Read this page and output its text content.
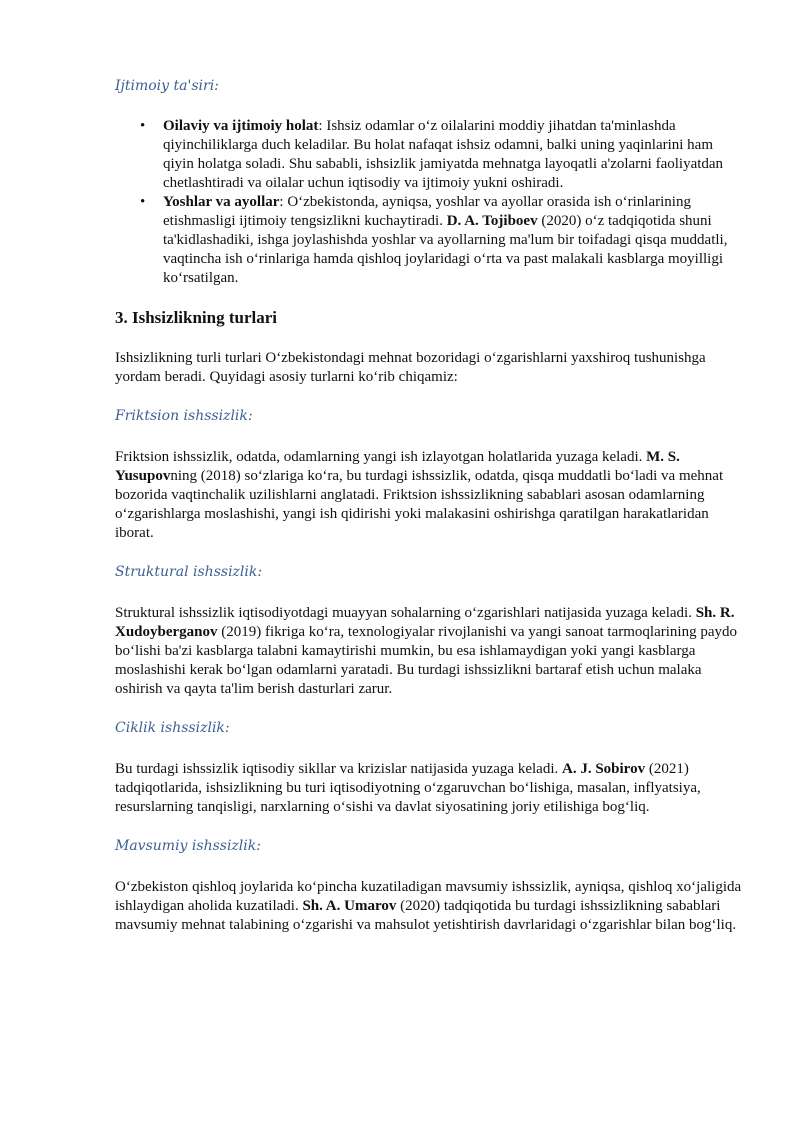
Ijtimoiy ta'siri:

• Oilaviy va ijtimoiy holat: Ishsiz odamlar o‘z oilalarini moddiy jihatdan ta'minlashda qiyinchiliklarga duch keladilar. Bu holat nafaqat ishsiz odamni, balki uning yaqinlarini ham qiyin holatga soladi. Shu sababli, ishsizlik jamiyatda mehnatga layoqatli a'zolarni faoliyatdan chetlashtiradi va oilalar uchun iqtisodiy va ijtimoiy yukni oshiradi.
• Yoshlar va ayollar: O‘zbekistonda, ayniqsa, yoshlar va ayollar orasida ish o‘rinlarining etishmasligi ijtimoiy tengsizlikni kuchaytiradi. D. A. Tojiboev (2020) o‘z tadqiqotida shuni ta'kidlashadiki, ishga joylashishda yoshlar va ayollarning ma'lum bir toifadagi qisqa muddatli, vaqtincha ish o‘rinlariga hamda qishloq joylaridagi o‘rta va past malakali kasblarga moyilligi ko‘rsatilgan.
3. Ishsizlikning turlari

Ishsizlikning turli turlari O‘zbekistondagi mehnat bozoridagi o‘zgarishlarni yaxshiroq tushunishga yordam beradi. Quyidagi asosiy turlarni ko‘rib chiqamiz:

Friktsion ishssizlik:

Friktsion ishssizlik, odatda, odamlarning yangi ish izlayotgan holatlarida yuzaga keladi. M. S. Yusupovning (2018) so‘zlariga ko‘ra, bu turdagi ishssizlik, odatda, qisqa muddatli bo‘ladi va mehnat bozorida vaqtinchalik uzilishlarni anglatadi. Friktsion ishssizlikning sabablari asosan odamlarning o‘zgarishlarga moslashishi, yangi ish qidirishi yoki malakasini oshirishga qaratilgan harakatlaridan iborat.

Struktural ishssizlik:

Struktural ishssizlik iqtisodiyotdagi muayyan sohalarning o‘zgarishlari natijasida yuzaga keladi. Sh. R. Xudoyberganov (2019) fikriga ko‘ra, texnologiyalar rivojlanishi va yangi sanoat tarmoqlarining paydo bo‘lishi ba'zi kasblarga talabni kamaytirishi mumkin, bu esa ishlamaydigan yoki yangi kasblarga moslashishi kerak bo‘lgan odamlarni yaratadi. Bu turdagi ishssizlikni bartaraf etish uchun malaka oshirish va qayta ta'lim berish dasturlari zarur.

Ciklik ishssizlik:

Bu turdagi ishssizlik iqtisodiy sikllar va krizislar natijasida yuzaga keladi. A. J. Sobirov (2021) tadqiqotlarida, ishsizlikning bu turi iqtisodiyotning o‘zgaruvchan bo‘lishiga, masalan, inflyatsiya, resurslarning tanqisligi, narxlarning o‘sishi va davlat siyosatining joriy etilishiga bog‘liq.

Mavsumiy ishssizlik:

O‘zbekiston qishloq joylarida ko‘pincha kuzatiladigan mavsumiy ishssizlik, ayniqsa, qishloq xo‘jaligida ishlaydigan aholida kuzatiladi. Sh. A. Umarov (2020) tadqiqotida bu turdagi ishssizlikning sabablari mavsumiy mehnat talabining o‘zgarishi va mahsulot yetishtirish davrlaridagi o‘zgarishlar bilan bog‘liq.
